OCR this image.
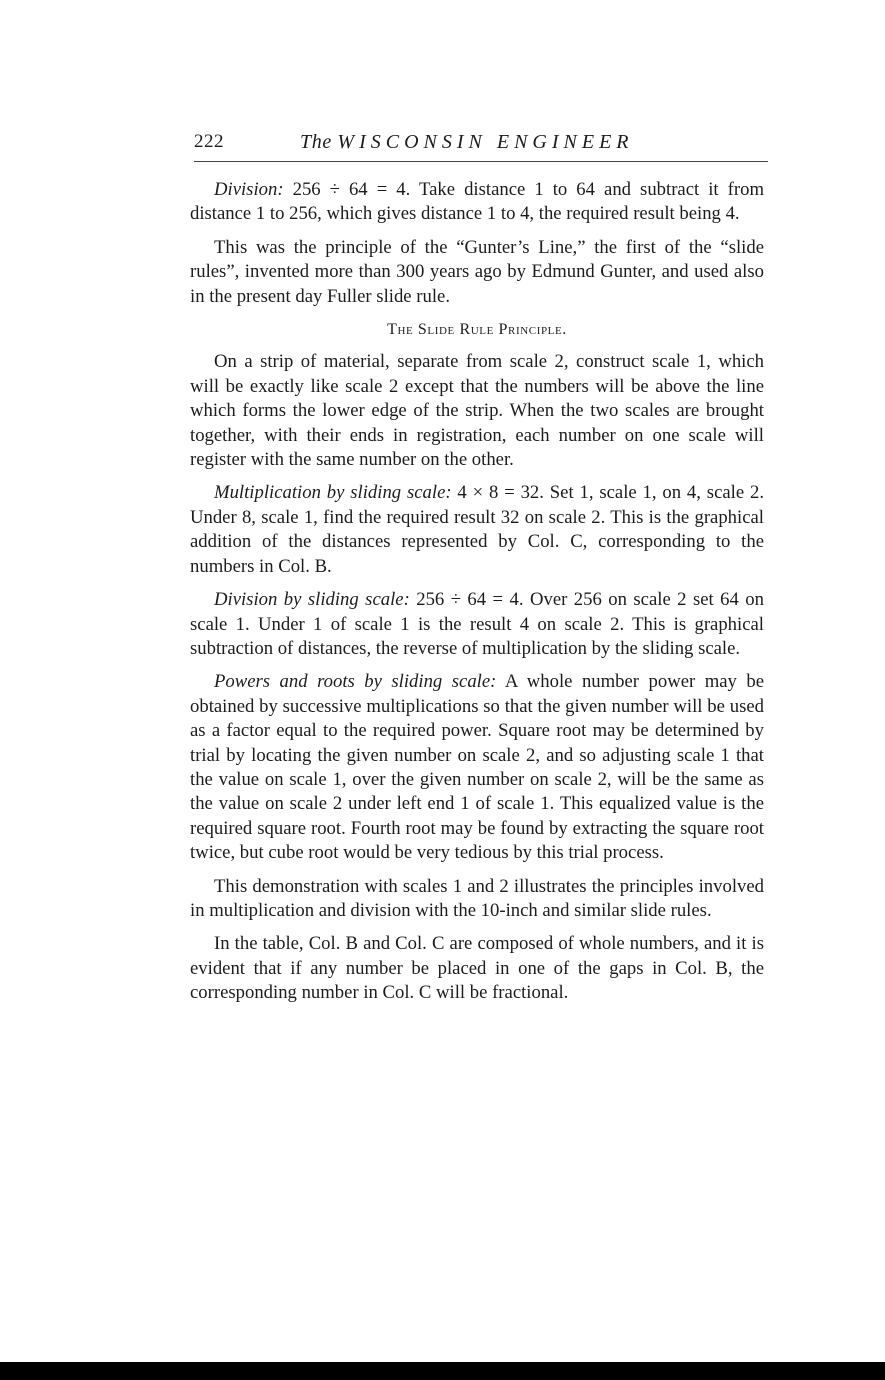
222	The WISCONSIN ENGINEER

Division: 256 ÷ 64 = 4. Take distance 1 to 64 and subtract it from distance 1 to 256, which gives distance 1 to 4, the required result being 4.

This was the principle of the “Gunter’s Line,” the first of the “slide rules”, invented more than 300 years ago by Edmund Gunter, and used also in the present day Fuller slide rule.

The Slide Rule Principle.

On a strip of material, separate from scale 2, construct scale 1, which will be exactly like scale 2 except that the numbers will be above the line which forms the lower edge of the strip. When the two scales are brought together, with their ends in registration, each number on one scale will register with the same number on the other.

Multiplication by sliding scale: 4 × 8 = 32. Set 1, scale 1, on 4, scale 2. Under 8, scale 1, find the required result 32 on scale 2. This is the graphical addition of the distances represented by Col. C, corresponding to the numbers in Col. B.

Division by sliding scale: 256 ÷ 64 = 4. Over 256 on scale 2 set 64 on scale 1. Under 1 of scale 1 is the result 4 on scale 2. This is graphical subtraction of distances, the reverse of multiplication by the sliding scale.

Powers and roots by sliding scale: A whole number power may be obtained by successive multiplications so that the given number will be used as a factor equal to the required power. Square root may be determined by trial by locating the given number on scale 2, and so adjusting scale 1 that the value on scale 1, over the given number on scale 2, will be the same as the value on scale 2 under left end 1 of scale 1. This equalized value is the required square root. Fourth root may be found by extracting the square root twice, but cube root would be very tedious by this trial process.

This demonstration with scales 1 and 2 illustrates the principles involved in multiplication and division with the 10-inch and similar slide rules.

In the table, Col. B and Col. C are composed of whole numbers, and it is evident that if any number be placed in one of the gaps in Col. B, the corresponding number in Col. C will be fractional.
